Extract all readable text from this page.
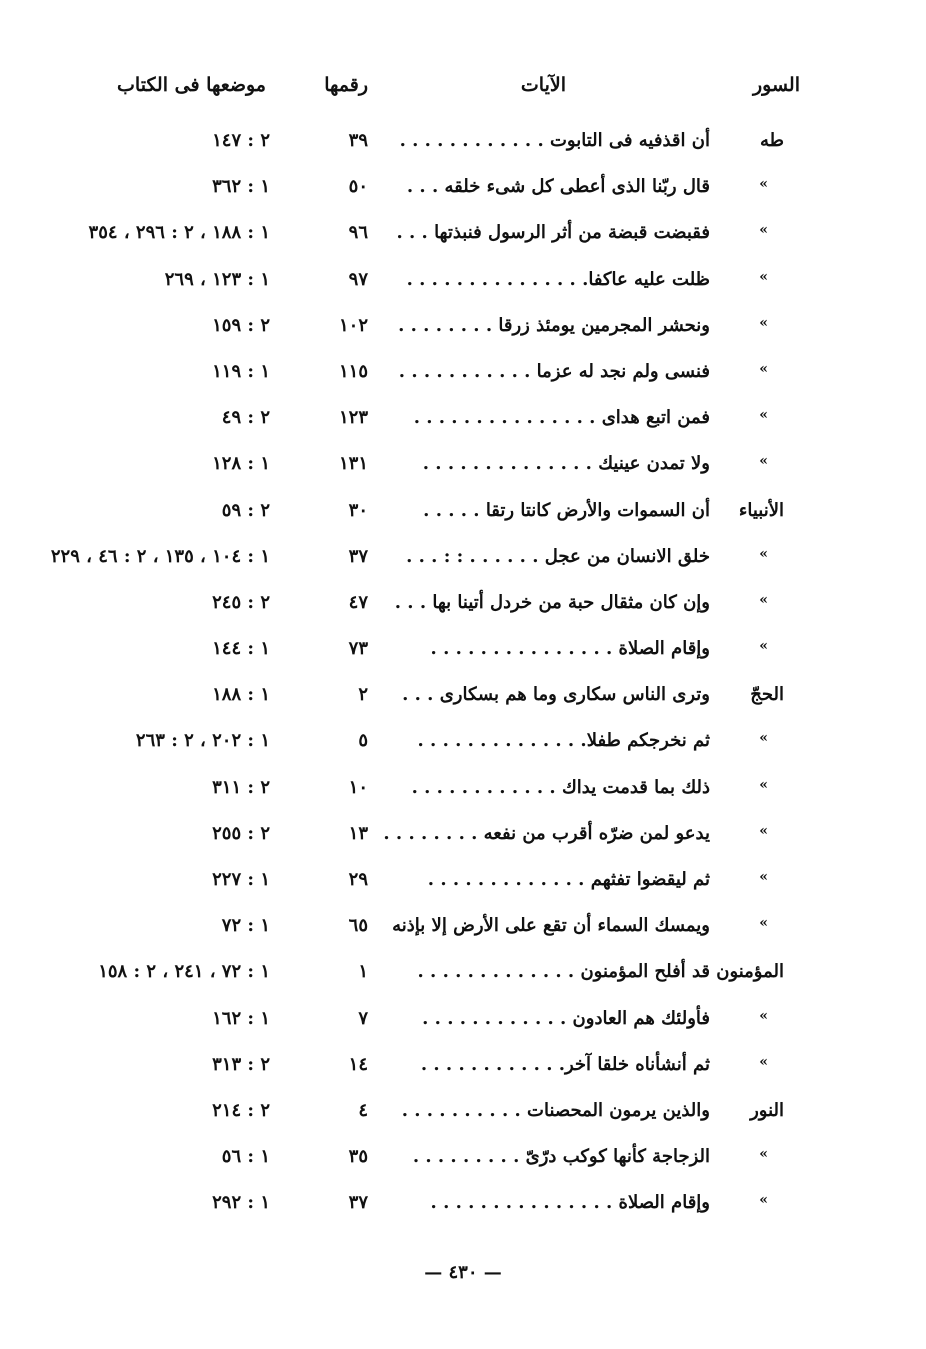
السور
الآيات
رقمها
موضعها فى الكتاب
طه
أن اقذفيه فى التابوت . . . . . . . . . . . .
٣٩
٢ : ١٤٧
»
قال ربّنا الذى أعطى كل شىء خلقه . . .
٥٠
١ : ٣٦٢
»
فقبضت قبضة من أثر الرسول فنبذتها . . .
٩٦
١ : ١٨٨ ، ٢ : ٢٩٦ ، ٣٥٤
»
ظلت عليه عاكفا. . . . . . . . . . . . . . .
٩٧
١ : ١٢٣ ، ٢٦٩
»
ونحشر المجرمين يومئذ زرقا . . . . . . . .
١٠٢
٢ : ١٥٩
»
فنسى ولم نجد له عزما . . . . . . . . . . .
١١٥
١ : ١١٩
»
فمن اتبع هداى . . . . . . . . . . . . . . .
١٢٣
٢ : ٤٩
»
ولا تمدن عينيك . . . . . . . . . . . . . .
١٣١
١ : ١٢٨
الأنبياء
أن السموات والأرض كانتا رتقا . . . . .
٣٠
٢ : ٥٩
»
خلق الانسان من عجل . . . . . . : : . . .
٣٧
١ : ١٠٤ ، ١٣٥ ، ٢ : ٤٦ ، ٢٢٩
»
وإن كان مثقال حبة من خردل أتينا بها . . .
٤٧
٢ : ٢٤٥
»
وإقام الصلاة . . . . . . . . . . . . . . .
٧٣
١ : ١٤٤
الحجّ
وترى الناس سكارى وما هم بسكارى . . .
٢
١ : ١٨٨
»
ثم نخرجكم طفلا. . . . . . . . . . . . . .
٥
١ : ٢٠٢ ، ٢ : ٢٦٣
»
ذلك بما قدمت يداك . . . . . . . . . . . .
١٠
٢ : ٣١١
»
يدعو لمن ضرّه أقرب من نفعه . . . . . . . .
١٣
٢ : ٢٥٥
»
ثم ليقضوا تفثهم . . . . . . . . . . . . .
٢٩
١ : ٢٢٧
»
ويمسك السماء أن تقع على الأرض إلا بإذنه
٦٥
١ : ٧٢
المؤمنون
قد أفلح المؤمنون . . . . . . . . . . . . .
١
١ : ٧٢ ، ٢٤١ ، ٢ : ١٥٨
»
فأولئك هم العادون . . . . . . . . . . . .
٧
١ : ١٦٢
»
ثم أنشأناه خلقا آخر. . . . . . . . . . . .
١٤
٢ : ٣١٣
النور
والذين يرمون المحصنات . . . . . . . . . .
٤
٢ : ٢١٤
»
الزجاجة كأنها كوكب درّىّ . . . . . . . . .
٣٥
١ : ٥٦
»
وإقام الصلاة . . . . . . . . . . . . . . .
٣٧
١ : ٢٩٢
— ٤٣٠ —
